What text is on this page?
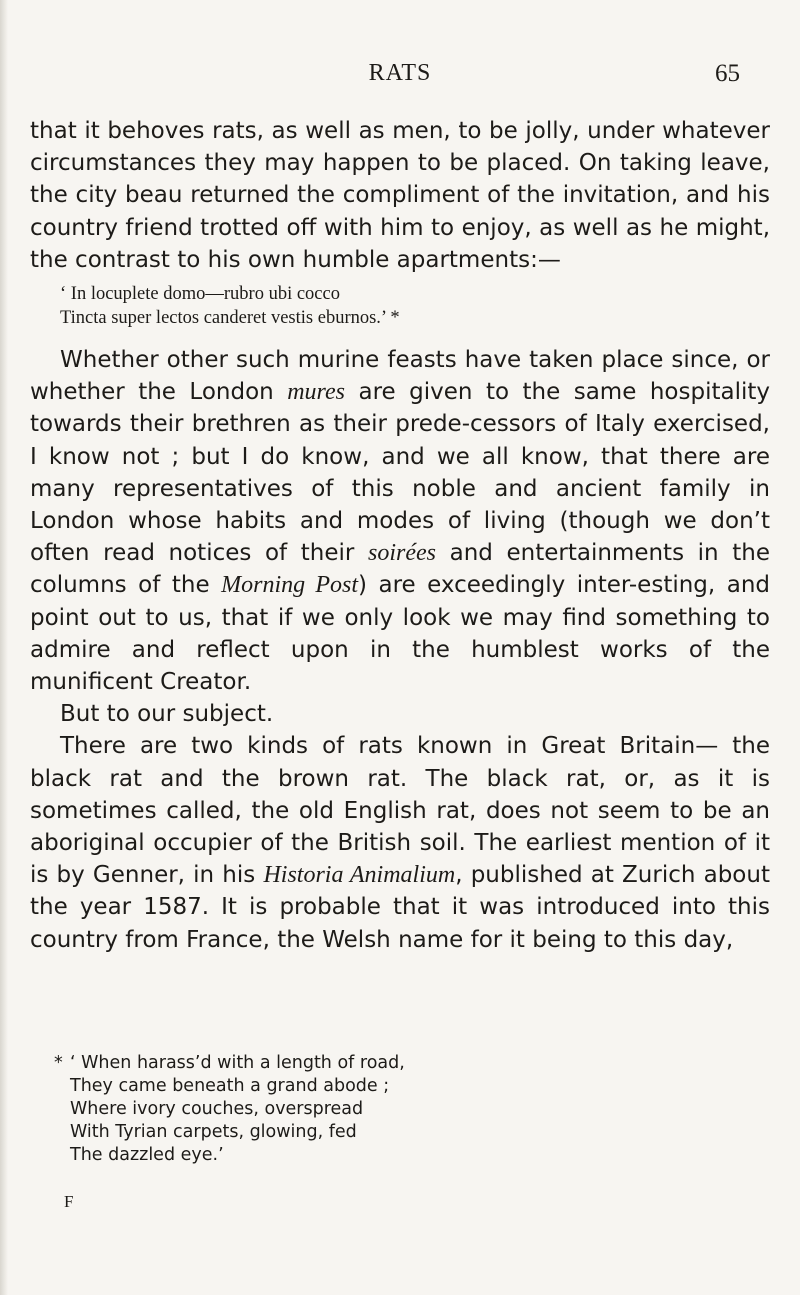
RATS	65

that it behoves rats, as well as men, to be jolly, under whatever circumstances they may happen to be placed. On taking leave, the city beau returned the compliment of the invitation, and his country friend trotted off with him to enjoy, as well as he might, the contrast to his own humble apartments:—

‘ In locuplete domo—rubro ubi cocco
Tincta super lectos canderet vestis eburnos.’ *

Whether other such murine feasts have taken place since, or whether the London mures are given to the same hospitality towards their brethren as their prede-cessors of Italy exercised, I know not ; but I do know, and we all know, that there are many representatives of this noble and ancient family in London whose habits and modes of living (though we don’t often read notices of their soirées and entertainments in the columns of the Morning Post) are exceedingly inter-esting, and point out to us, that if we only look we may find something to admire and reflect upon in the humblest works of the munificent Creator.

But to our subject.

There are two kinds of rats known in Great Britain— the black rat and the brown rat. The black rat, or, as it is sometimes called, the old English rat, does not seem to be an aboriginal occupier of the British soil. The earliest mention of it is by Genner, in his Historia Animalium, published at Zurich about the year 1587. It is probable that it was introduced into this country from France, the Welsh name for it being to this day,

* ‘ When harass’d with a length of road,
They came beneath a grand abode ;
Where ivory couches, overspread
With Tyrian carpets, glowing, fed
The dazzled eye.’
F
